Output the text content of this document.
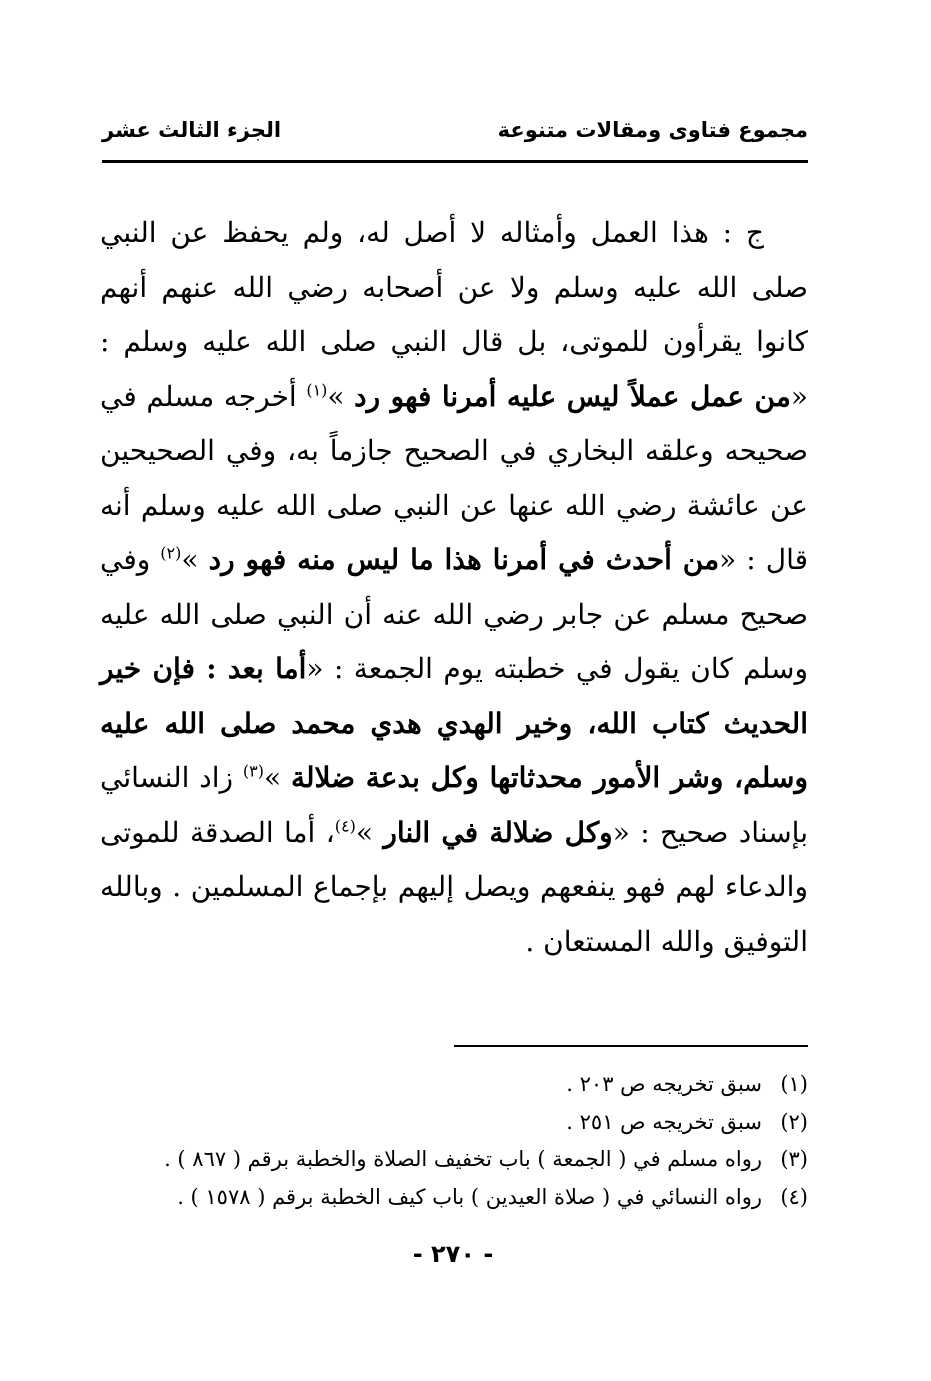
مجموع فتاوى ومقالات متنوعة
الجزء الثالث عشر
ج : هذا العمل وأمثاله لا أصل له، ولم يحفظ عن النبي صلى الله عليه وسلم ولا عن أصحابه رضي الله عنهم أنهم كانوا يقرأون للموتى، بل قال النبي صلى الله عليه وسلم : «من عمل عملاً ليس عليه أمرنا فهو رد »$^{(١)}$ أخرجه مسلم في صحيحه وعلقه البخاري في الصحيح جازماً به، وفي الصحيحين عن عائشة رضي الله عنها عن النبي صلى الله عليه وسلم أنه قال : «من أحدث في أمرنا هذا ما ليس منه فهو رد »$^{(٢)}$ وفي صحيح مسلم عن جابر رضي الله عنه أن النبي صلى الله عليه وسلم كان يقول في خطبته يوم الجمعة : «أما بعد : فإن خير الحديث كتاب الله، وخير الهدي هدي محمد صلى الله عليه وسلم، وشر الأمور محدثاتها وكل بدعة ضلالة »$^{(٣)}$ زاد النسائي بإسناد صحيح : «وكل ضلالة في النار »$^{(٤)}$، أما الصدقة للموتى والدعاء لهم فهو ينفعهم ويصل إليهم بإجماع المسلمين . وبالله التوفيق والله المستعان .
(١)سبق تخريجه ص ٢٠٣ .
(٢)سبق تخريجه ص ٢٥١ .
(٣)رواه مسلم في ( الجمعة ) باب تخفيف الصلاة والخطبة برقم ( ٨٦٧ ) .
(٤)رواه النسائي في ( صلاة العيدين ) باب كيف الخطبة برقم ( ١٥٧٨ ) .
- ٢٧٠ -
